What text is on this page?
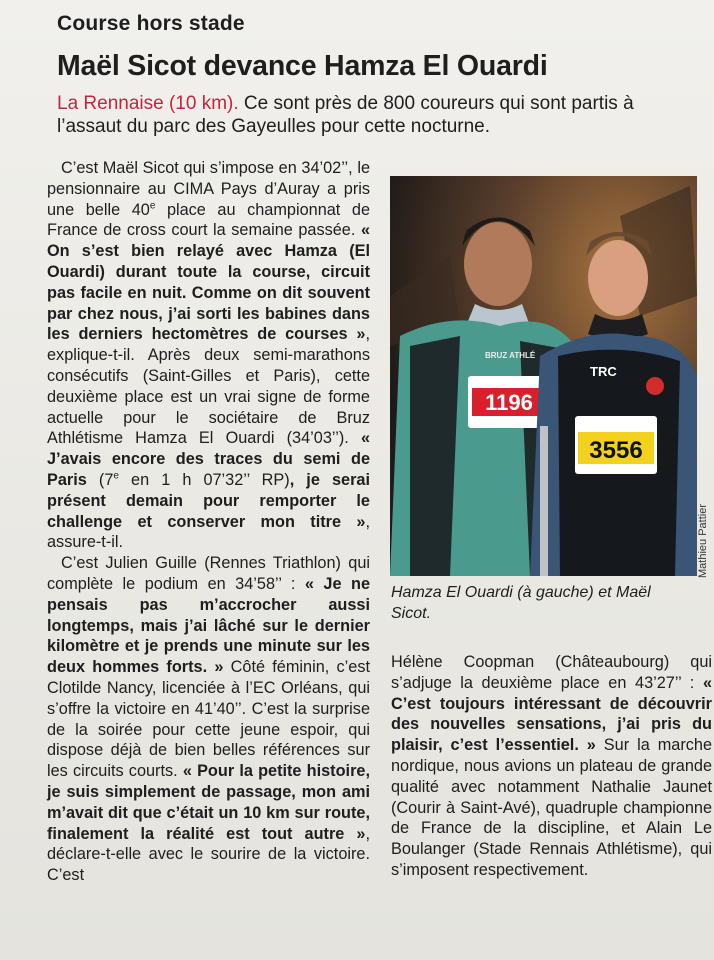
Course hors stade
Maël Sicot devance Hamza El Ouardi
La Rennaise (10 km). Ce sont près de 800 coureurs qui sont partis à l’assaut du parc des Gayeulles pour cette nocturne.

C’est Maël Sicot qui s’impose en 34’02’’, le pensionnaire au CIMA Pays d’Auray a pris une belle 40e place au championnat de France de cross court la semaine passée. « On s’est bien relayé avec Hamza (El Ouardi) durant toute la course, circuit pas facile en nuit. Comme on dit souvent par chez nous, j’ai sorti les babines dans les derniers hectomètres de courses », explique-t-il. Après deux semi-marathons consécutifs (Saint-Gilles et Paris), cette deuxième place est un vrai signe de forme actuelle pour le sociétaire de Bruz Athlétisme Hamza El Ouardi (34’03’’). « J’avais encore des traces du semi de Paris (7e en 1 h 07’32’’ RP), je serai présent demain pour remporter le challenge et conserver mon titre », assure-t-il.

C’est Julien Guille (Rennes Triathlon) qui complète le podium en 34’58’’ : « Je ne pensais pas m’accrocher aussi longtemps, mais j’ai lâché sur le dernier kilomètre et je prends une minute sur les deux hommes forts. » Côté féminin, c’est Clotilde Nancy, licenciée à l’EC Orléans, qui s’offre la victoire en 41’40’’. C’est la surprise de la soirée pour cette jeune espoir, qui dispose déjà de bien belles références sur les circuits courts. « Pour la petite histoire, je suis simplement de passage, mon ami m’avait dit que c’était un 10 km sur route, finalement la réalité est tout autre », déclare-t-elle avec le sourire de la victoire. C’est

1196
BRUZ ATHLÉ
3556
TRC
Mathieu Pattier
Hamza El Ouardi (à gauche) et Maël Sicot.

Hélène Coopman (Châteaubourg) qui s’adjuge la deuxième place en 43’27’’ : « C’est toujours intéressant de découvrir des nouvelles sensations, j’ai pris du plaisir, c’est l’essentiel. » Sur la marche nordique, nous avions un plateau de grande qualité avec notamment Nathalie Jaunet (Courir à Saint-Avé), quadruple championne de France de la discipline, et Alain Le Boulanger (Stade Rennais Athlétisme), qui s’imposent respectivement.
